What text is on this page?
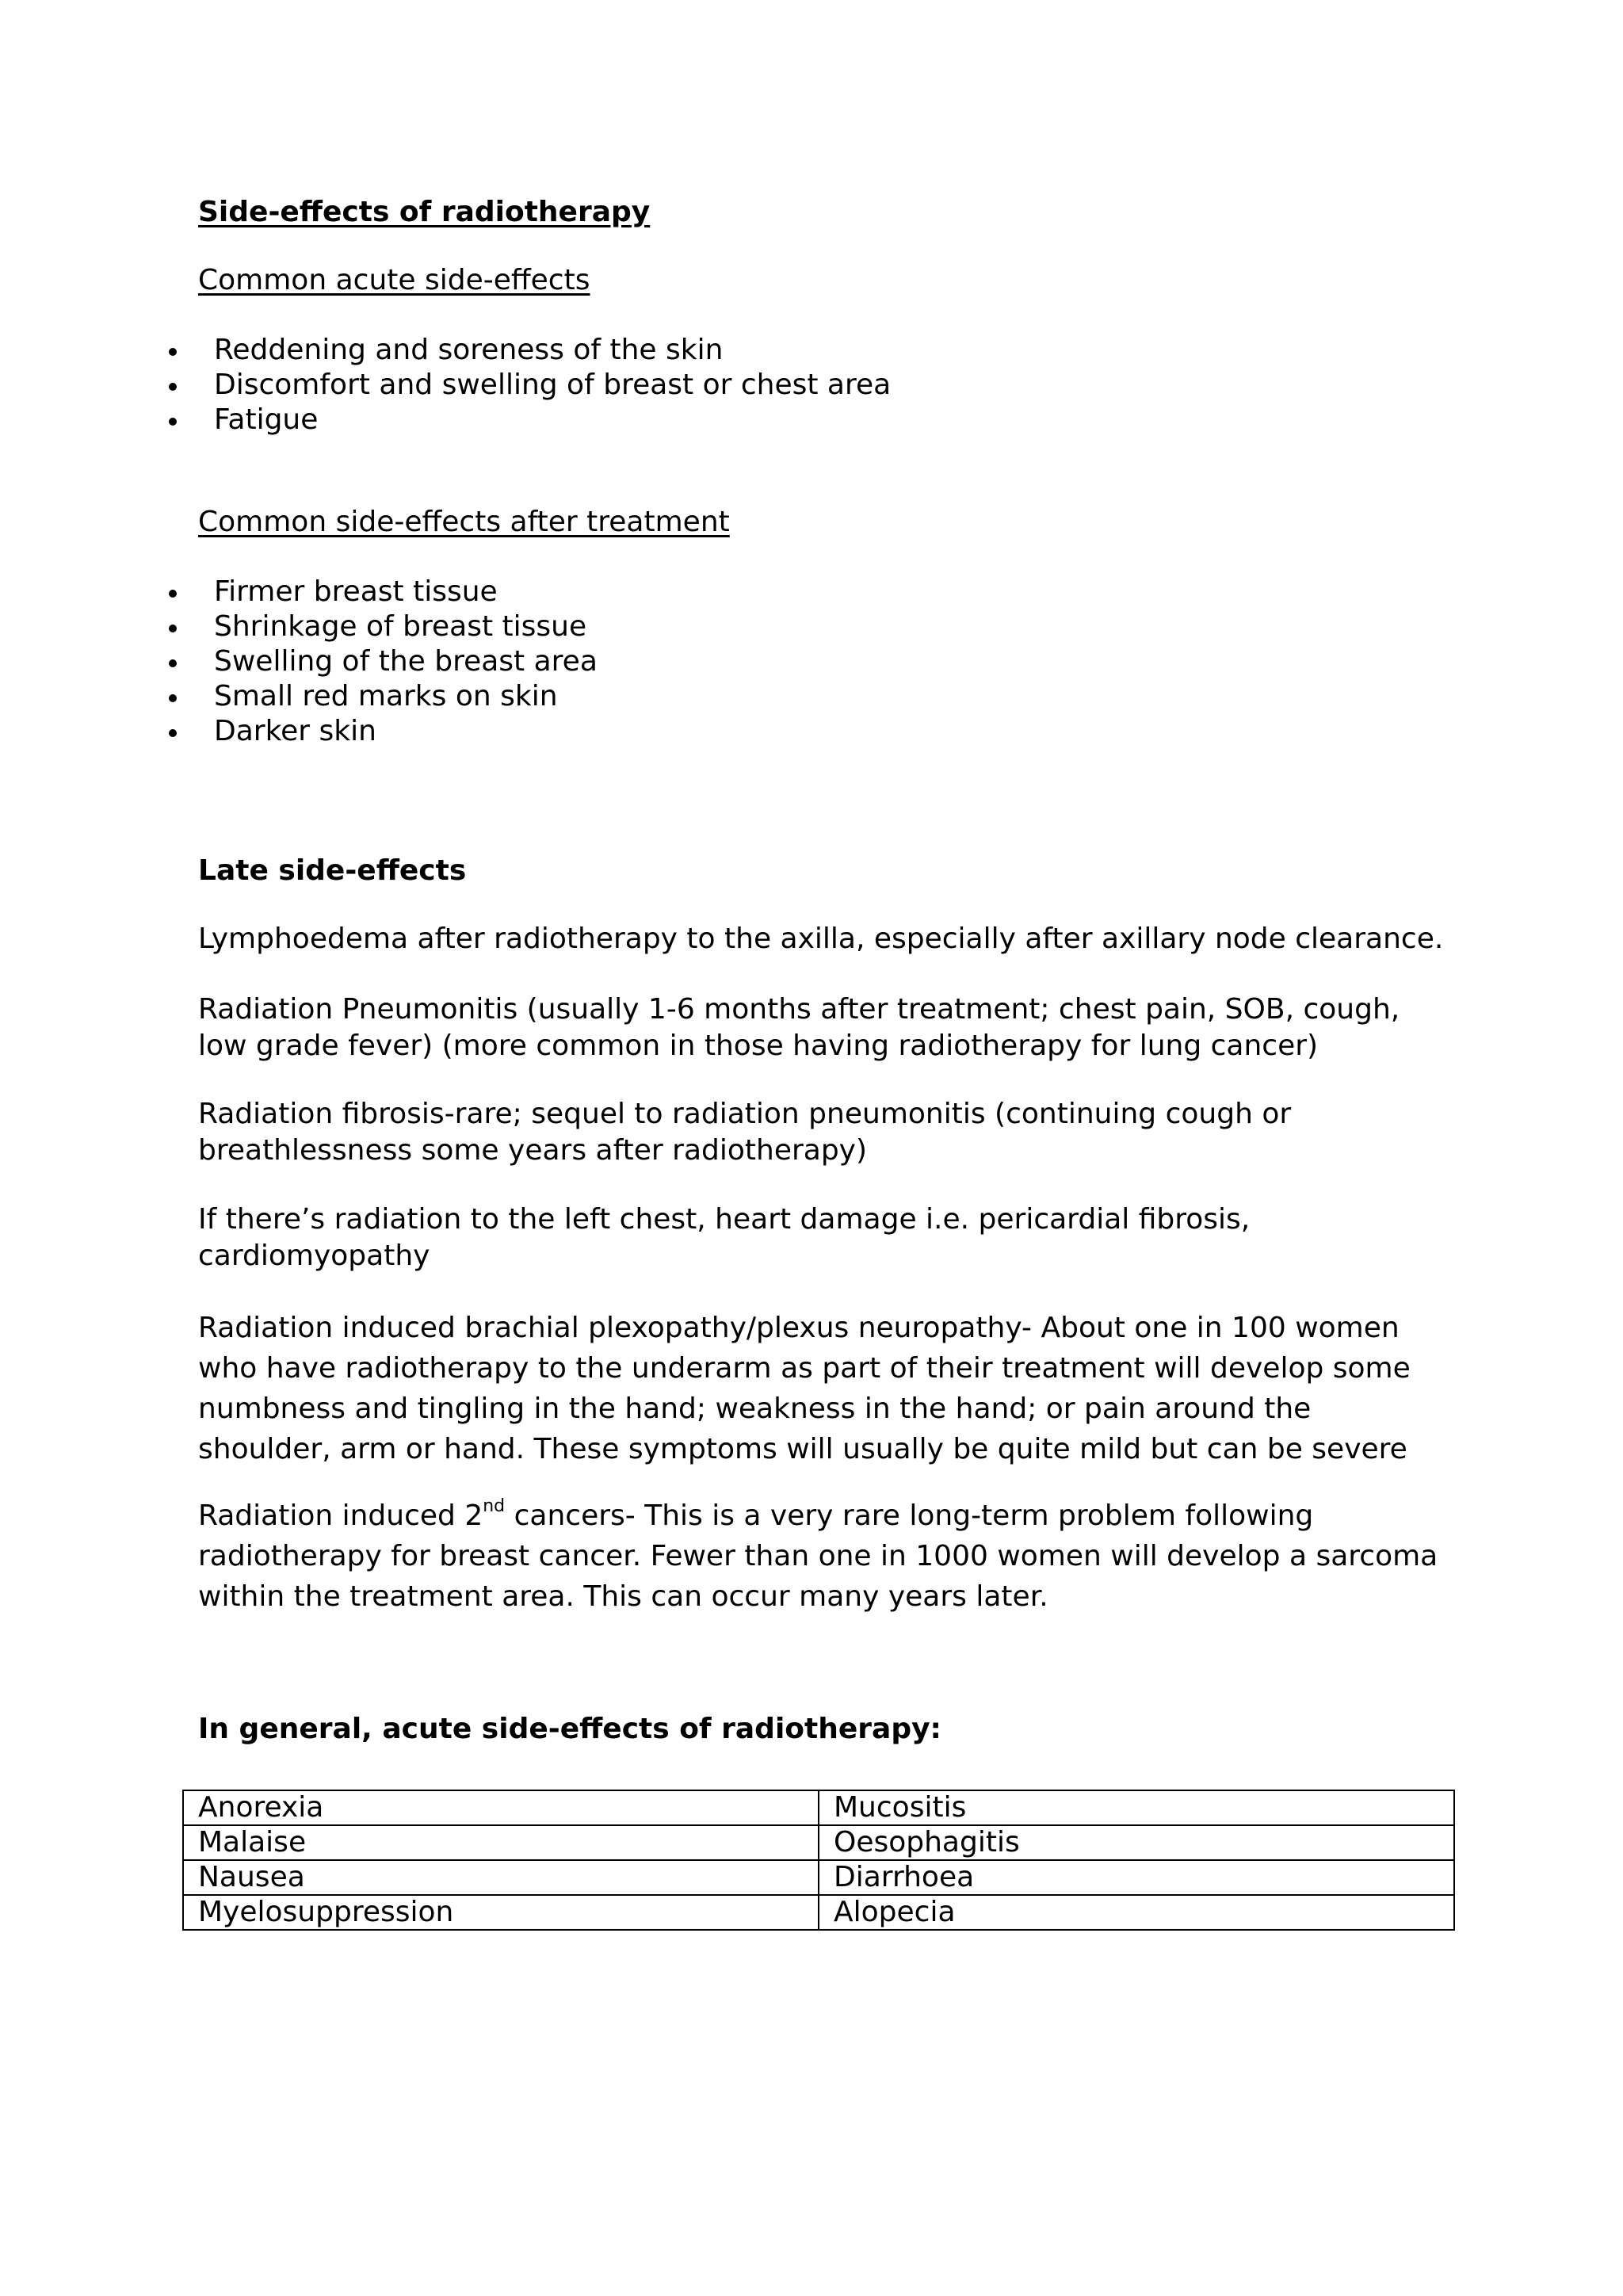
Side-effects of radiotherapy

Common acute side-effects

Reddening and soreness of the skin
Discomfort and swelling of breast or chest area
Fatigue

Common side-effects after treatment

Firmer breast tissue
Shrinkage of breast tissue
Swelling of the breast area
Small red marks on skin
Darker skin

Late side-effects

Lymphoedema after radiotherapy to the axilla, especially after axillary node clearance.

Radiation Pneumonitis (usually 1-6 months after treatment; chest pain, SOB, cough, low grade fever) (more common in those having radiotherapy for lung cancer)

Radiation fibrosis-rare; sequel to radiation pneumonitis (continuing cough or breathlessness some years after radiotherapy)

If there’s radiation to the left chest, heart damage i.e. pericardial fibrosis, cardiomyopathy

Radiation induced brachial plexopathy/plexus neuropathy- About one in 100 women who have radiotherapy to the underarm as part of their treatment will develop some numbness and tingling in the hand; weakness in the hand; or pain around the shoulder, arm or hand. These symptoms will usually be quite mild but can be severe

Radiation induced 2nd cancers- This is a very rare long-term problem following radiotherapy for breast cancer. Fewer than one in 1000 women will develop a sarcoma within the treatment area. This can occur many years later.

In general, acute side-effects of radiotherapy:

Anorexia	Mucositis
Malaise	Oesophagitis
Nausea	Diarrhoea
Myelosuppression	Alopecia
